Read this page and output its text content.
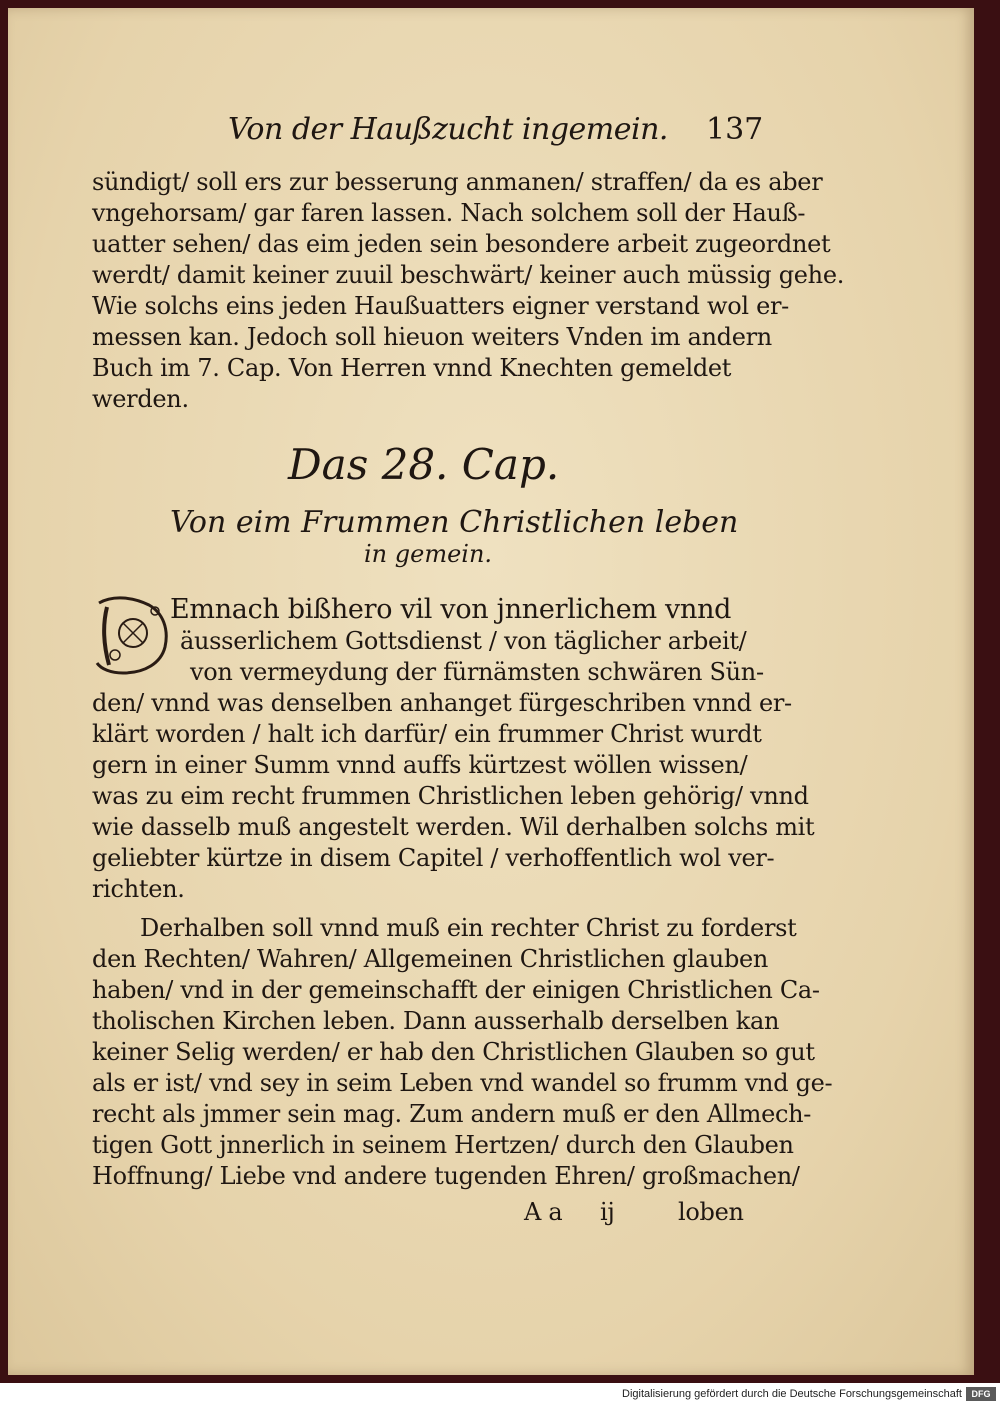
Von der Haußzucht ingemein. 137
sündigt/ soll ers zur besserung anmanen/ straffen/ da es aber
vngehorsam/ gar faren lassen. Nach solchem soll der Hauß-
uatter sehen/ das eim jeden sein besondere arbeit zugeordnet
werdt/ damit keiner zuuil beschwärt/ keiner auch müssig gehe.
Wie solchs eins jeden Haußuatters eigner verstand wol er-
messen kan. Jedoch soll hieuon weiters Vnden im andern
Buch im 7. Cap. Von Herren vnnd Knechten gemeldet
werden.
Das 28. Cap.
Von eim Frummen Christlichen leben
in gemein.
Emnach bißhero vil von jnnerlichem vnnd
äusserlichem Gottsdienst / von täglicher arbeit/
von vermeydung der fürnämsten schwären Sün-
den/ vnnd was denselben anhanget fürgeschriben vnnd er-
klärt worden / halt ich darfür/ ein frummer Christ wurdt
gern in einer Summ vnnd auffs kürtzest wöllen wissen/
was zu eim recht frummen Christlichen leben gehörig/ vnnd
wie dasselb muß angestelt werden. Wil derhalben solchs mit
geliebter kürtze in disem Capitel / verhoffentlich wol ver-
richten.
Derhalben soll vnnd muß ein rechter Christ zu forderst
den Rechten/ Wahren/ Allgemeinen Christlichen glauben
haben/ vnd in der gemeinschafft der einigen Christlichen Ca-
tholischen Kirchen leben. Dann ausserhalb derselben kan
keiner Selig werden/ er hab den Christlichen Glauben so gut
als er ist/ vnd sey in seim Leben vnd wandel so frumm vnd ge-
recht als jmmer sein mag. Zum andern muß er den Allmech-
tigen Gott jnnerlich in seinem Hertzen/ durch den Glauben
Hoffnung/ Liebe vnd andere tugenden Ehren/ großmachen/
A a ij	loben
Digitalisierung gefördert durch die Deutsche Forschungsgemeinschaft	DFG
